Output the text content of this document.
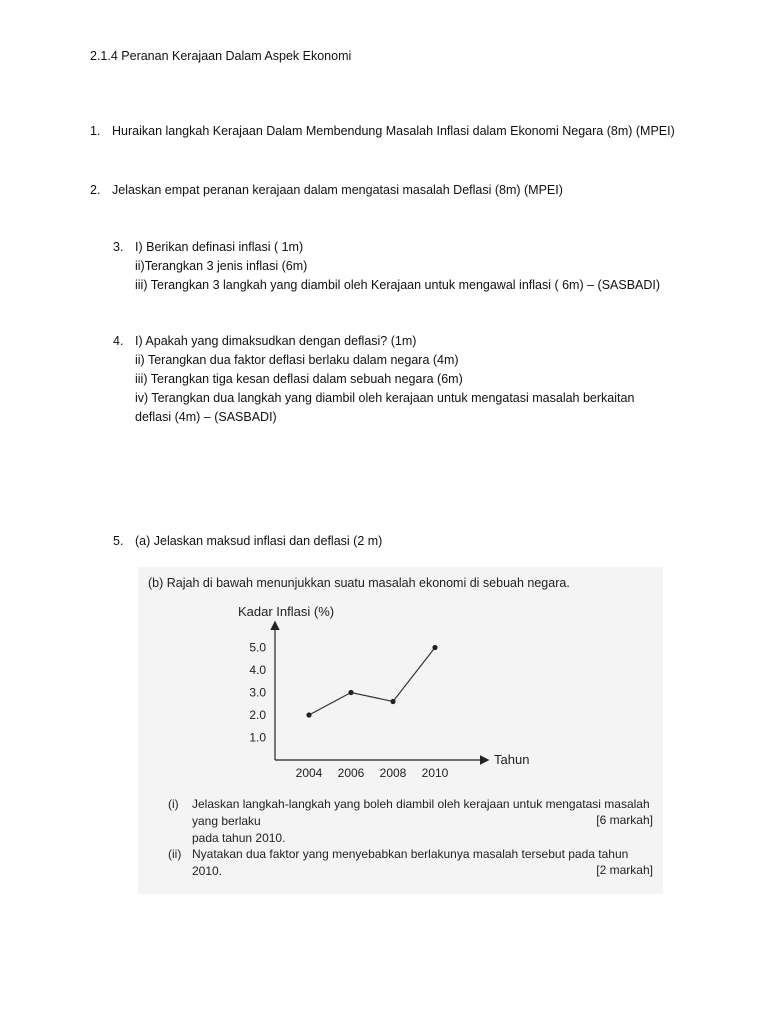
2.1.4 Peranan Kerajaan Dalam Aspek Ekonomi
1. Huraikan langkah Kerajaan Dalam Membendung Masalah Inflasi dalam Ekonomi Negara (8m) (MPEI)
2. Jelaskan empat peranan kerajaan dalam mengatasi masalah Deflasi (8m) (MPEI)
3. I) Berikan definasi inflasi ( 1m)
ii)Terangkan 3 jenis inflasi (6m)
iii) Terangkan 3 langkah yang diambil oleh Kerajaan untuk mengawal inflasi ( 6m) – (SASBADI)
4. I) Apakah yang dimaksudkan dengan deflasi? (1m)
ii) Terangkan dua faktor deflasi berlaku dalam negara (4m)
iii) Terangkan tiga kesan deflasi dalam sebuah negara (6m)
iv) Terangkan dua langkah yang diambil oleh kerajaan untuk mengatasi masalah berkaitan
deflasi (4m) – (SASBADI)
5. (a) Jelaskan maksud inflasi dan deflasi (2 m)
(b) Rajah di bawah menunjukkan suatu masalah ekonomi di sebuah negara.
Kadar Inflasi (%)
Tahun
1.0
2.0
3.0
4.0
5.0
2004 2006 2008 2010
(i) Jelaskan langkah-langkah yang boleh diambil oleh kerajaan untuk mengatasi masalah yang berlaku
pada tahun 2010.
[6 markah]
(ii) Nyatakan dua faktor yang menyebabkan berlakunya masalah tersebut pada tahun 2010.	[2 markah]
